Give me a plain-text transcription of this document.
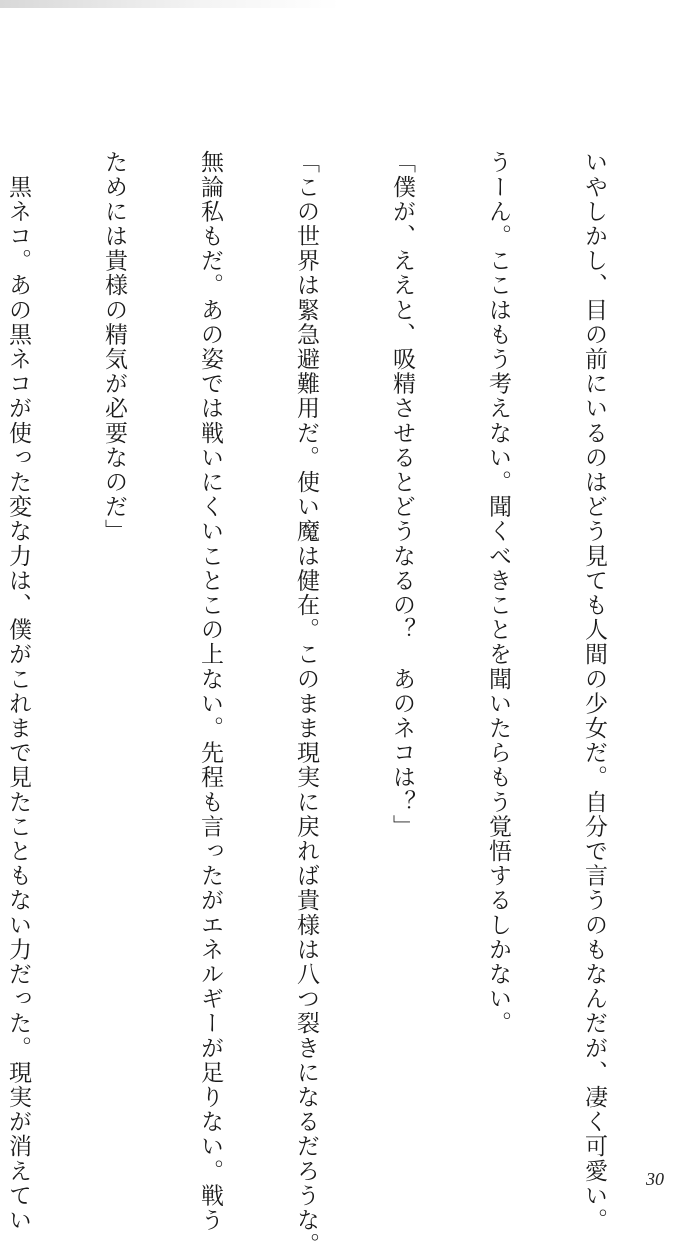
いやしかし、目の前にいるのはどう見ても人間の少女だ。自分で言うのもなんだが、凄く可愛い。

うーん。ここはもう考えない。聞くべきことを聞いたらもう覚悟するしかない。

「僕が、ええと、吸精させるとどうなるの？　あのネコは？」

「この世界は緊急避難用だ。使い魔は健在。このまま現実に戻れば貴様は八つ裂きになるだろうな。

無論私もだ。あの姿では戦いにくいことこの上ない。先程も言ったがエネルギーが足りない。戦う

ためには貴様の精気が必要なのだ」

　黒ネコ。あの黒ネコが使った変な力は、僕がこれまで見たこともない力だった。現実が消えてい

	30
